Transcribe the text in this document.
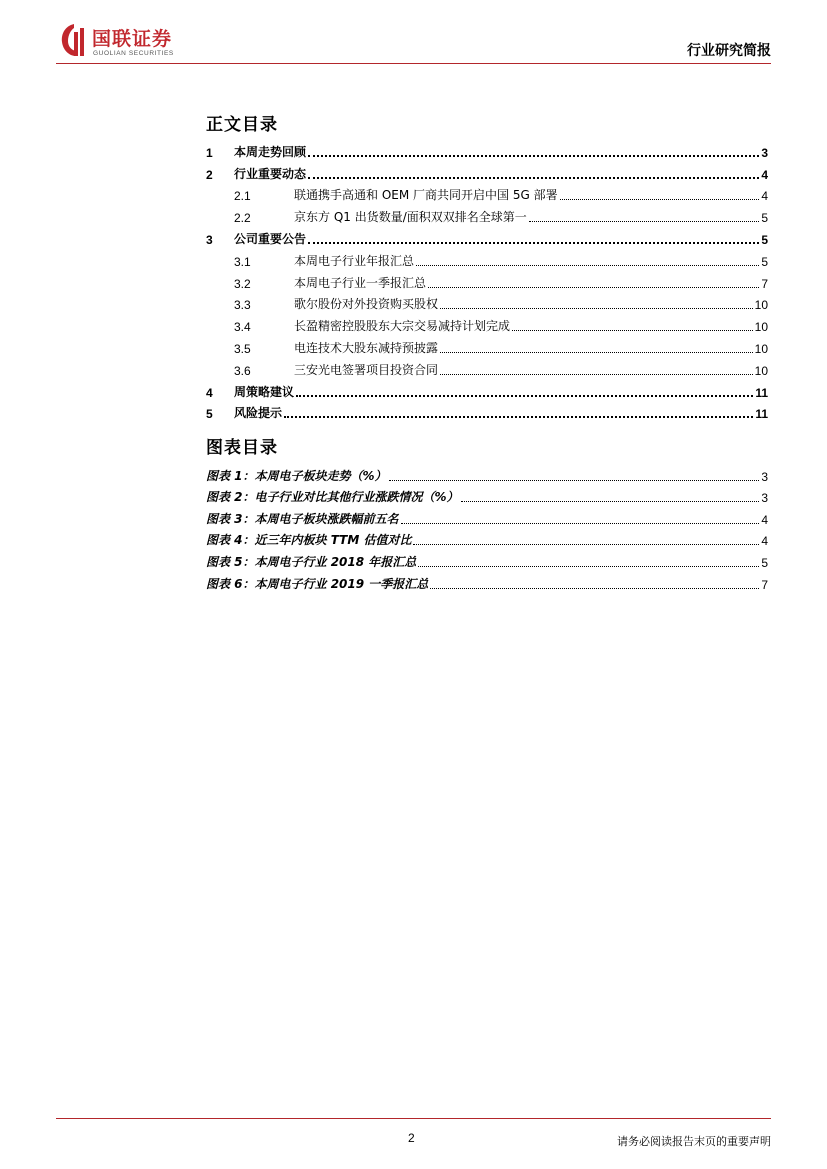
国联证券
GUOLIAN SECURITIES	行业研究简报
正文目录
1	本周走势回顾	3
2	行业重要动态	4
2.1	联通携手高通和 OEM 厂商共同开启中国 5G 部署	4
2.2	京东方 Q1 出货数量/面积双双排名全球第一	5
3	公司重要公告	5
3.1	本周电子行业年报汇总	5
3.2	本周电子行业一季报汇总	7
3.3	歌尔股份对外投资购买股权	10
3.4	长盈精密控股股东大宗交易减持计划完成	10
3.5	电连技术大股东减持预披露	10
3.6	三安光电签署项目投资合同	10
4	周策略建议	11
5	风险提示	11
图表目录
图表 1：本周电子板块走势（%）	3
图表 2：电子行业对比其他行业涨跌情况（%）	3
图表 3：本周电子板块涨跌幅前五名	4
图表 4：近三年内板块 TTM 估值对比	4
图表 5：本周电子行业 2018 年报汇总	5
图表 6：本周电子行业 2019 一季报汇总	7
2	请务必阅读报告末页的重要声明
